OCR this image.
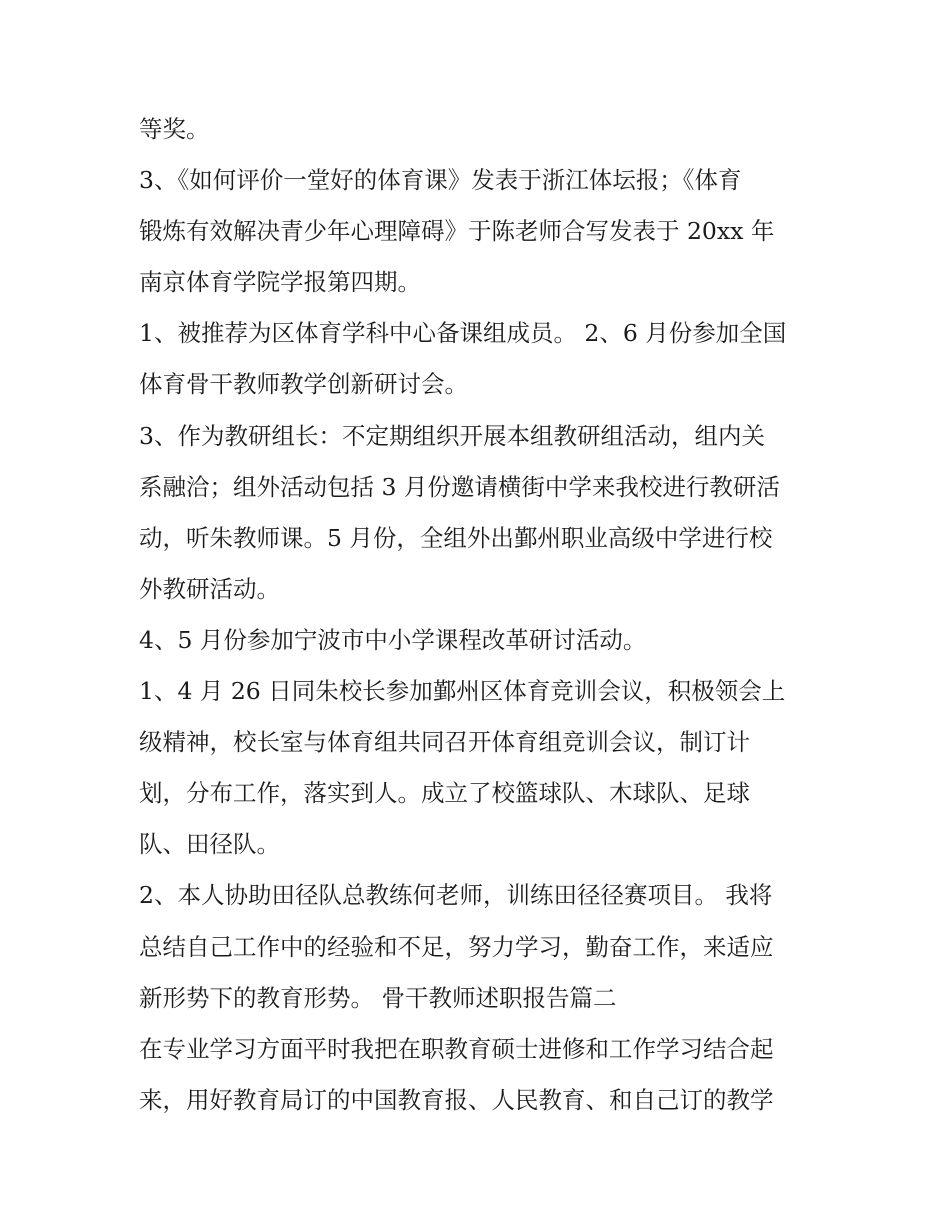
等奖。
3、《如何评价一堂好的体育课》发表于浙江体坛报；《体育
锻炼有效解决青少年心理障碍》于陈老师合写发表于 20xx 年
南京体育学院学报第四期。
1、被推荐为区体育学科中心备课组成员。 2、6 月份参加全国
体育骨干教师教学创新研讨会。
3、作为教研组长：不定期组织开展本组教研组活动，组内关
系融洽；组外活动包括 3 月份邀请横街中学来我校进行教研活
动，听朱教师课。5 月份，全组外出鄞州职业高级中学进行校
外教研活动。
4、5 月份参加宁波市中小学课程改革研讨活动。
1、4 月 26 日同朱校长参加鄞州区体育竞训会议，积极领会上
级精神，校长室与体育组共同召开体育组竞训会议，制订计
划，分布工作，落实到人。成立了校篮球队、木球队、足球
队、田径队。
2、本人协助田径队总教练何老师，训练田径径赛项目。 我将
总结自己工作中的经验和不足，努力学习，勤奋工作，来适应
新形势下的教育形势。 骨干教师述职报告篇二
在专业学习方面平时我把在职教育硕士进修和工作学习结合起
来，用好教育局订的中国教育报、人民教育、和自己订的教学
